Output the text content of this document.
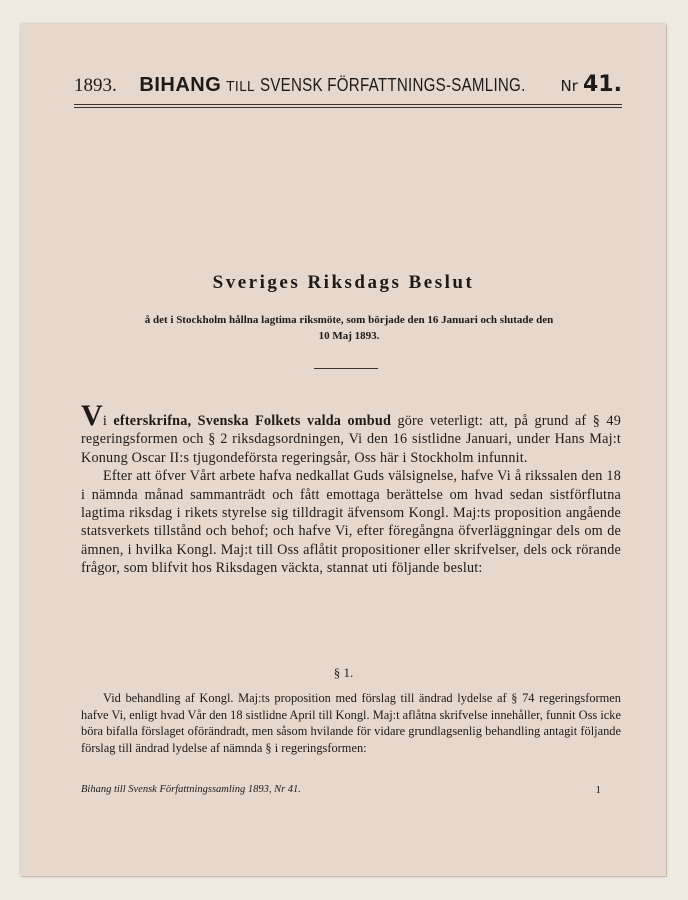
1893. BIHANG TILL SVENSK FÖRFATTNINGS-SAMLING.	Nr 41.
Sveriges Riksdags Beslut
å det i Stockholm hållna lagtima riksmöte, som började den 16 Januari och slutade den 10 Maj 1893.

Vi efterskrifna, Svenska Folkets valda ombud göre veterligt: att, på grund af § 49 regeringsformen och § 2 riksdagsordningen, Vi den 16 sistlidne Januari, under Hans Maj:t Konung Oscar II:s tjugondeförsta regeringsår, Oss här i Stockholm infunnit.

Efter att öfver Vårt arbete hafva nedkallat Guds välsignelse, hafve Vi å rikssalen den 18 i nämnda månad sammanträdt och fått emottaga berättelse om hvad sedan sistförflutna lagtima riksdag i rikets styrelse sig tilldragit äfvensom Kongl. Maj:ts proposition angående statsverkets tillstånd och behof; och hafve Vi, efter föregångna öfverläggningar dels om de ämnen, i hvilka Kongl. Maj:t till Oss aflåtit propositioner eller skrifvelser, dels ock rörande frågor, som blifvit hos Riksdagen väckta, stannat uti följande beslut:

§ 1.
Vid behandling af Kongl. Maj:ts proposition med förslag till ändrad lydelse af § 74 regeringsformen hafve Vi, enligt hvad Vår den 18 sistlidne April till Kongl. Maj:t aflåtna skrifvelse innehåller, funnit Oss icke böra bifalla förslaget oförändradt, men såsom hvilande för vidare grundlagsenlig behandling antagit följande förslag till ändrad lydelse af nämnda § i regeringsformen:
Bihang till Svensk Författningssamling 1893, Nr 41.	1
